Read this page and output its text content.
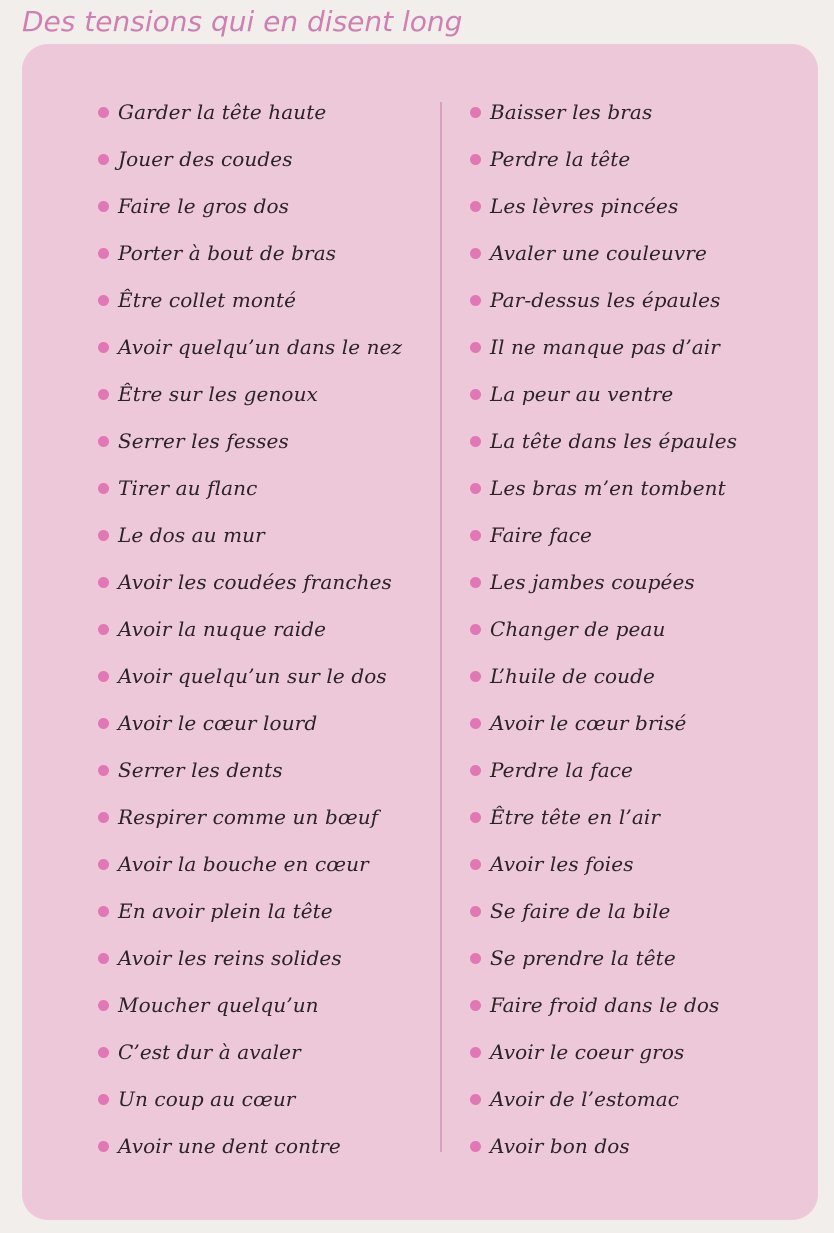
Des tensions qui en disent long
Garder la tête haute
Jouer des coudes
Faire le gros dos
Porter à bout de bras
Être collet monté
Avoir quelqu’un dans le nez
Être sur les genoux
Serrer les fesses
Tirer au flanc
Le dos au mur
Avoir les coudées franches
Avoir la nuque raide
Avoir quelqu’un sur le dos
Avoir le cœur lourd
Serrer les dents
Respirer comme un bœuf
Avoir la bouche en cœur
En avoir plein la tête
Avoir les reins solides
Moucher quelqu’un
C’est dur à avaler
Un coup au cœur
Avoir une dent contre
Baisser les bras
Perdre la tête
Les lèvres pincées
Avaler une couleuvre
Par-dessus les épaules
Il ne manque pas d’air
La peur au ventre
La tête dans les épaules
Les bras m’en tombent
Faire face
Les jambes coupées
Changer de peau
L’huile de coude
Avoir le cœur brisé
Perdre la face
Être tête en l’air
Avoir les foies
Se faire de la bile
Se prendre la tête
Faire froid dans le dos
Avoir le coeur gros
Avoir de l’estomac
Avoir bon dos
